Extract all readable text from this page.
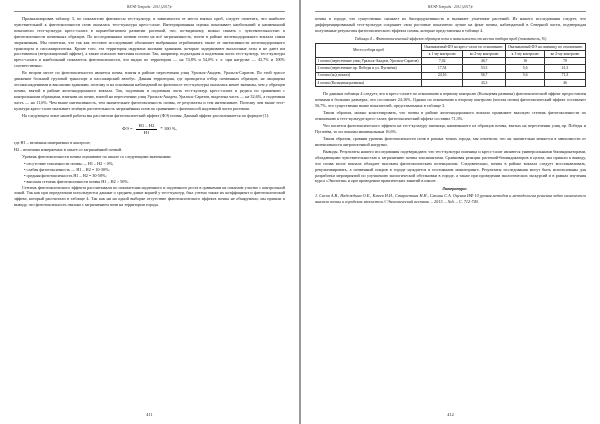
ВАЭФ Тетрадь · 2011 (2017)е

Проанализировав таблицу 3, по показателю фитомассы тест-культур, в зависимости от места взятых проб, следует отметить, что наиболее чувствительной к фитотоксичности почв оказалась тест-культура кресс-салат. Интегрированная оценка показывает наибольший и наименьший показатели тест-культура кресс-салата в корнеобитаемом развитии растений, что, по-видимому, можно связать с чувствительностью к фитотоксичности почвенных образцов. По исследованным почвам почти на всё загрязненность, почти в районе железнодорожного вокзала самая загрязненная. Мы отметили, что так как тестовое исследование обозначает выбранным отрабатывать также от интенсивности железнодорожного транспорта и пассажиропотока. Кроме того, эта территория окружена жилыми зданиями, которые задерживают выхлопные газы и не дают им рассеиваться (ветрозащитный эффект), а также опасного внесения полотна. Так, например, подъездная и подземная часть тест-культур, тест-культура кресс-салата и наибольший показатель фитотоксичности, что видно по территории — на 74,8% и 54,0% т. е. при нагрузке — 43,7% и 100% соответственно.

Во втором месте по фитотоксичности является почва, взятая в районе пересечения улиц Уральск-Академ, Уральск-Саратов. По этой трассе движение большой грузовой транспорт и пассажирский автобус. Данная территория, где проводится отбор почвенных образцов, не защищена лесонасаждениями и высокими зданиями, поэтому и на основании наблюдений по фитомассе тест-культуры оказались менее значимы, чем у образцов почвы, взятой в районе железнодорожного вокзала. Так, подземная и подземная часть тест-культур кресс-салата и редиса по сравнению с контрольными образцами, взятыми на почве, взятой на пересечении улиц Уральск-Академ, Уральск-Саратов, выделена часть — на 32,6%, а подземная часть — на 11,6%. Чем выше интенсивность, тем значительнее фитотоксичность почвы, ее результаты и тем интенсивнее. Поэтому чем выше тест-культура кресс-салат оказывает зелёную растительность загрязнённых почв по сравнению с фитомассой надземной части растения.

На следующем этапе нашей работы мы рассчитали фитотоксический эффект (ФЭ) почвы. Данный эффект рассчитывается по формуле [1]:

ФЭ = $\frac{Н1 - Н2}{Н1} * 100$ %,

где Н1 – величина измеряемых в контроле;

Н2 – величина измеряемых в опыте со загрязнённой почвой.

Уровень фитотоксичности почвы оценивают по шкале со следующими значениями:

• отсутствие токсичности почвы — Н1 – Н2 < 0%;
• слабая фитотоксичность — Н1 – Н2 = 10-30%;
• средняя фитотоксичность Н1 – Н2 = 30-50%;
• высокая степень фитотоксичности почвы Н1 – Н2 > 50%.

Степень фитотоксического эффекта рассчитывали по показателям надземного и подземного роста в сравнении на опытном участке с контрольной зоной. Так как при определении используются данные о среднем длине корней у тест-культур, был учтено также их коэффициент и фитотоксический эффект, который рассчитали в таблице 4. Так как ни на одной выборке отсутствие фитотоксического эффекта почвы не обнаружено, мы пришли к выводу, что фитотоксичность связана с загрязнением почв на территории города.

411
ВАЭФ Тетрадь · 2011 (2017)е

почвы в городе, что существенно снижает их биопродуктивность и вызывает угнетение растений. Из нашего исследования следует, что дифференцированный тест-культура сохраняет свои ростовые показатели лучше на фоне почвы, наблюдаемой в Северной части, подтверждая полученные результаты фитотоксического эффекта почвы, которые представлены в таблице 4.

Таблица 4 – Фитотоксический эффект образцов почв в зависимости от места отбора проб (показатель, %)
Место отбора проб	Оказываемый ФЭ на кресс-салат по отношению:		Оказываемый ФЭ на пшеницу по отношению:	
	к 1-му контролю	ко 2-му контролю	к 1-му контролю	ко 2-му контролю
1 почва (пересечение улиц Уральск-Академ, Уральск-Саратов)	7,02	46,7	16	70
2 почва (пересечение пр. Победы и ул. Пугачёва)	17,54	53,3	5,6	41,3
3 почва (ж/д вокзал)	24,16	56,7	5,6	71,3
4 почва (Кольцевая развязка)		43,3		46

По данным таблицы 4 следует, что в кресс-салате по отношению к первому контролю (Кольцевая развязка) фитотоксический эффект предоставлен почвами в больших размерах, что составляет 24,16%. Однако по отношению к второму контролю (чистая почва) фитотоксический эффект составляет 56,7%, что существенно выше показателей, представленных в таблице 3.

Таким образом, можно констатировать, что почвы в районе железнодорожного вокзала проявляют высокую степень фитотоксичности по отношению к тест-культуре кресс-салат; фитотоксический эффект составил 71,3%.

Что касается фитотоксического эффекта на тест-культуру пшеница, наименьшего из образцов почвы, взятых на пересечении улиц пр. Победы и Пугачёва, то он показан минимальным 16,6%.

Таким образом, сравнив уровень фитотоксичности почв в разных точках города, мы отметили, что он значительно меняется в зависимости от интенсивности антропогенной нагрузки.

Выводы. Результаты нашего исследования подтверждают, что тест-культура пшеница и кресс-салат являются универсальными биоиндикаторами, обладающими чувствительностью к загрязнению почвы токсикантами. Сравнивая реакции растений-биоиндикаторов в целом, мы пришли к выводу, что почва возле вокзала обладает высоким фитотоксическим потенциалом. Следовательно, почвы в районе вокзала следует восстанавливать, рекультивировать, а почвенный покров в городе нуждается в постоянном мониторинге. Результаты исследования могут быть использованы для разработки мероприятий по улучшению экологической обстановки в городе, а также при проведении экологических экскурсий и в рамках изучения курса «Экология» и при проведении практических занятий в школе.

Литература:

1. Сасов А.В., Надеждина О.Е., Клюев Н.И., Старостина Н.Н., Смолин С.А. Оценка ИФ 10 уровня методов и методология решения задач химического анализа почвы и городских экосистем // Экологический вестник. – 2013. – №6. – С. 712-740.

412
